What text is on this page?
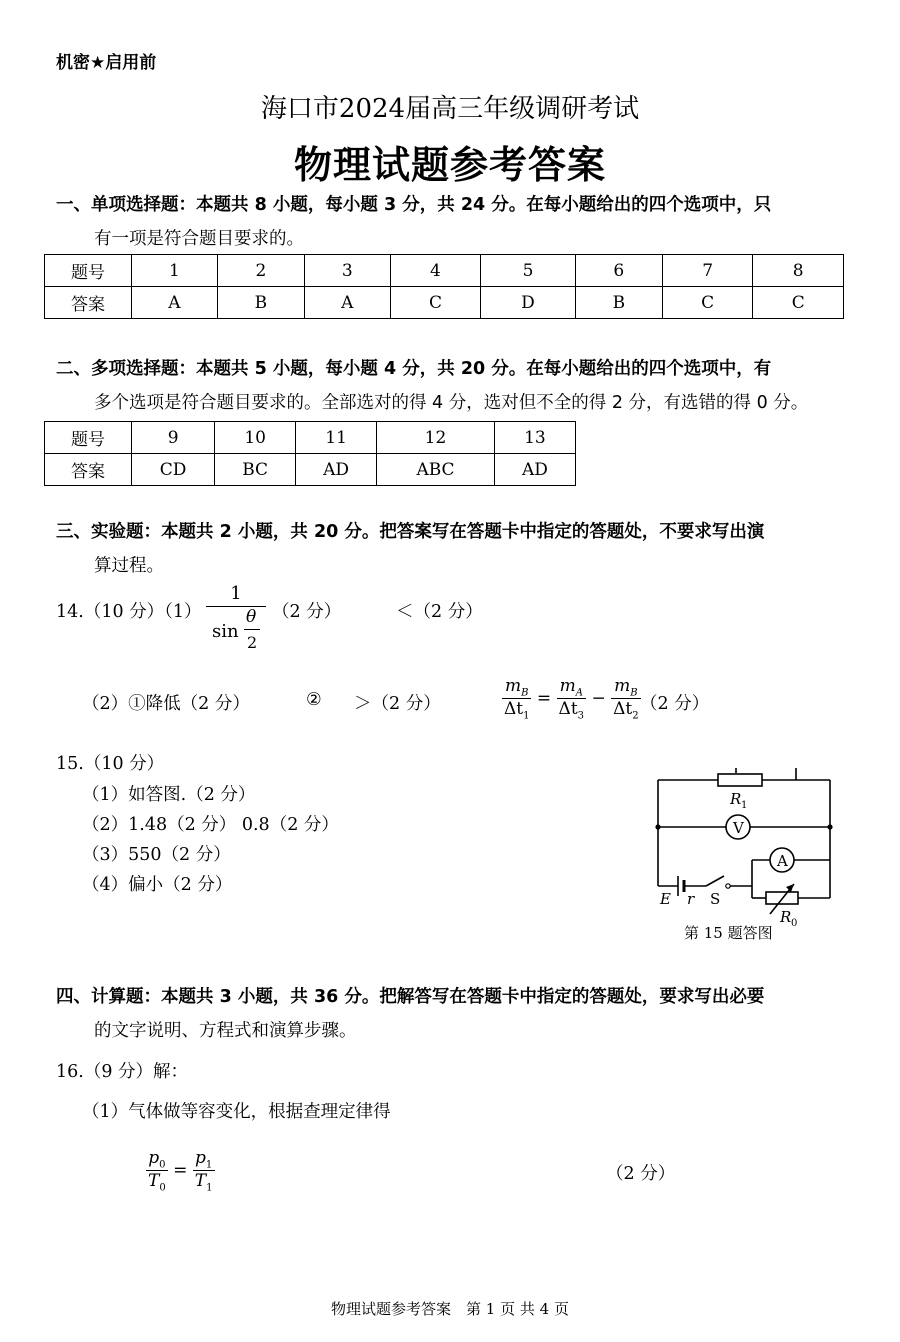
机密★启用前
海口市2024届高三年级调研考试
物理试题参考答案
一、单项选择题：本题共 8 小题，每小题 3 分，共 24 分。在每小题给出的四个选项中，只
有一项是符合题目要求的。
题号	1	2	3	4	5	6	7	8
答案	A	B	A	C	D	B	C	C
二、多项选择题：本题共 5 小题，每小题 4 分，共 20 分。在每小题给出的四个选项中，有
多个选项是符合题目要求的。全部选对的得 4 分，选对但不全的得 2 分，有选错的得 0 分。
题号	9	10	11	12	13
答案	CD	BC	AD	ABC	AD
三、实验题：本题共 2 小题，共 20 分。把答案写在答题卡中指定的答题处，不要求写出演
算过程。
14.（10 分）（1）
1
sin
θ
2
（2 分）	＜（2 分）
（2）①降低（2 分）	② ＞（2 分）	$\frac{m_B}{\Delta t_1} = \frac{m_A}{\Delta t_3} - \frac{m_B}{\Delta t_2} (2$ 分）
15.（10 分）
（1）如答图.（2 分）
（2）1.48（2 分） 0.8（2 分）
（3）550（2 分）
（4）偏小（2 分）
R 1
V
A
E r S
R 0
第 15 题答图
四、计算题：本题共 3 小题，共 36 分。把解答写在答题卡中指定的答题处，要求写出必要
的文字说明、方程式和演算步骤。
16.（9 分）解：
（1）气体做等容变化，根据查理定律得
$\frac{p_0}{T_0} = \frac{p_1}{T_1}$	（2 分）
物理试题参考答案　第 1 页 共 4 页
